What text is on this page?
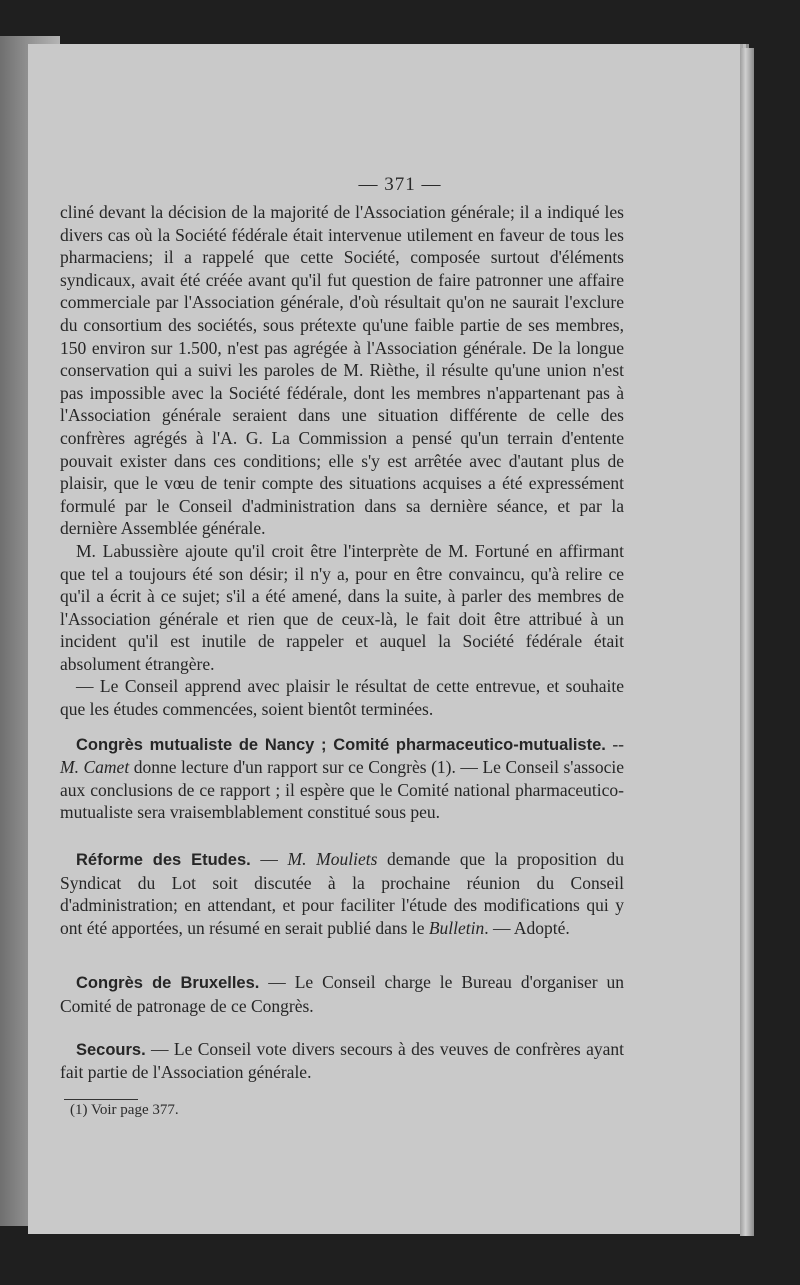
— 371 —

cliné devant la décision de la majorité de l'Association générale; il a indiqué les divers cas où la Société fédérale était intervenue utilement en faveur de tous les pharmaciens; il a rappelé que cette Société, composée surtout d'éléments syndicaux, avait été créée avant qu'il fut question de faire patronner une affaire commerciale par l'Association générale, d'où résultait qu'on ne saurait l'exclure du consortium des sociétés, sous prétexte qu'une faible partie de ses membres, 150 environ sur 1.500, n'est pas agrégée à l'Association générale. De la longue conservation qui a suivi les paroles de M. Rièthe, il résulte qu'une union n'est pas impossible avec la Société fédérale, dont les membres n'appartenant pas à l'Association générale seraient dans une situation différente de celle des confrères agrégés à l'A. G. La Commission a pensé qu'un terrain d'entente pouvait exister dans ces conditions; elle s'y est arrêtée avec d'autant plus de plaisir, que le vœu de tenir compte des situations acquises a été expressément formulé par le Conseil d'administration dans sa dernière séance, et par la dernière Assemblée générale.

M. Labussière ajoute qu'il croit être l'interprète de M. Fortuné en affirmant que tel a toujours été son désir; il n'y a, pour en être convaincu, qu'à relire ce qu'il a écrit à ce sujet; s'il a été amené, dans la suite, à parler des membres de l'Association générale et rien que de ceux-là, le fait doit être attribué à un incident qu'il est inutile de rappeler et auquel la Société fédérale était absolument étrangère.

— Le Conseil apprend avec plaisir le résultat de cette entrevue, et souhaite que les études commencées, soient bientôt terminées.

Congrès mutualiste de Nancy ; Comité pharmaceutico-mutualiste. -- M. Camet donne lecture d'un rapport sur ce Congrès (1). — Le Conseil s'associe aux conclusions de ce rapport ; il espère que le Comité national pharmaceutico-mutualiste sera vraisemblablement constitué sous peu.

Réforme des Etudes. — M. Mouliets demande que la proposition du Syndicat du Lot soit discutée à la prochaine réunion du Conseil d'administration; en attendant, et pour faciliter l'étude des modifications qui y ont été apportées, un résumé en serait publié dans le Bulletin. — Adopté.

Congrès de Bruxelles. — Le Conseil charge le Bureau d'organiser un Comité de patronage de ce Congrès.

Secours. — Le Conseil vote divers secours à des veuves de confrères ayant fait partie de l'Association générale.

(1) Voir page 377.
